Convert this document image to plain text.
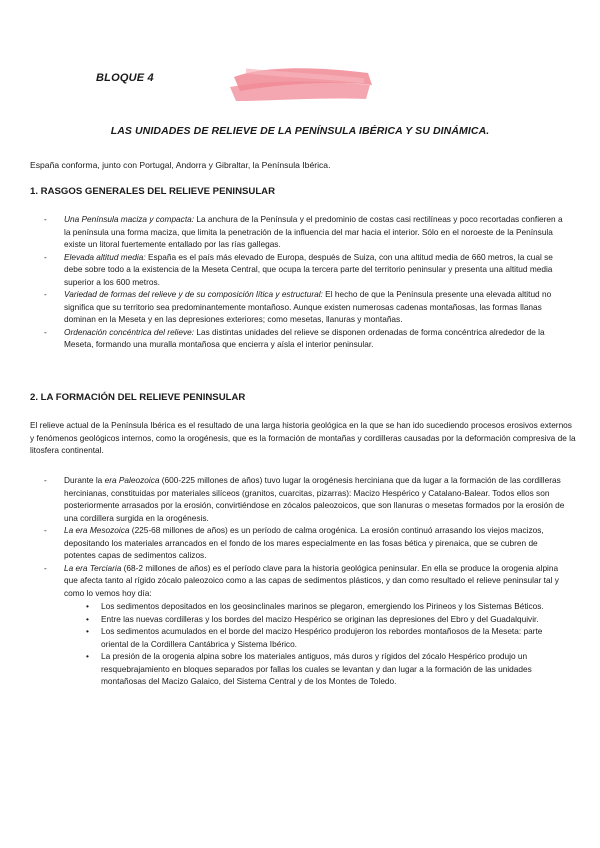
BLOQUE 4
LAS UNIDADES DE RELIEVE DE LA PENÍNSULA IBÉRICA Y SU DINÁMICA.
España conforma, junto con Portugal, Andorra y Gibraltar, la Península Ibérica.
1. RASGOS GENERALES DEL RELIEVE PENINSULAR
- Una Península maciza y compacta: La anchura de la Península y el predominio de costas casi rectilíneas y poco recortadas confieren a la península una forma maciza, que limita la penetración de la influencia del mar hacia el interior. Sólo en el noroeste de la Península existe un litoral fuertemente entallado por las rías gallegas.
- Elevada altitud media: España es el país más elevado de Europa, después de Suiza, con una altitud media de 660 metros, la cual se debe sobre todo a la existencia de la Meseta Central, que ocupa la tercera parte del territorio peninsular y presenta una altitud media superior a los 600 metros.
- Variedad de formas del relieve y de su composición lítica y estructural: El hecho de que la Península presente una elevada altitud no significa que su territorio sea predominantemente montañoso. Aunque existen numerosas cadenas montañosas, las formas llanas dominan en la Meseta y en las depresiones exteriores; como mesetas, llanuras y montañas.
- Ordenación concéntrica del relieve: Las distintas unidades del relieve se disponen ordenadas de forma concéntrica alrededor de la Meseta, formando una muralla montañosa que encierra y aísla el interior peninsular.
2. LA FORMACIÓN DEL RELIEVE PENINSULAR
El relieve actual de la Península Ibérica es el resultado de una larga historia geológica en la que se han ido sucediendo procesos erosivos externos y fenómenos geológicos internos, como la orogénesis, que es la formación de montañas y cordilleras causadas por la deformación compresiva de la litosfera continental.
- Durante la era Paleozoica (600-225 millones de años) tuvo lugar la orogénesis herciniana que da lugar a la formación de las cordilleras hercinianas, constituidas por materiales silíceos (granitos, cuarcitas, pizarras): Macizo Hespérico y Catalano-Balear. Todos ellos son posteriormente arrasados por la erosión, convirtiéndose en zócalos paleozoicos, que son llanuras o mesetas formados por la erosión de una cordillera surgida en la orogénesis.
- La era Mesozoica (225-68 millones de años) es un período de calma orogénica. La erosión continuó arrasando los viejos macizos, depositando los materiales arrancados en el fondo de los mares especialmente en las fosas bética y pirenaica, que se cubren de potentes capas de sedimentos calizos.
- La era Terciaria (68-2 millones de años) es el período clave para la historia geológica peninsular. En ella se produce la orogenia alpina que afecta tanto al rígido zócalo paleozoico como a las capas de sedimentos plásticos, y dan como resultado el relieve peninsular tal y como lo vemos hoy día:
• Los sedimentos depositados en los geosinclinales marinos se plegaron, emergiendo los Pirineos y los Sistemas Béticos.
• Entre las nuevas cordilleras y los bordes del macizo Hespérico se originan las depresiones del Ebro y del Guadalquivir.
• Los sedimentos acumulados en el borde del macizo Hespérico produjeron los rebordes montañosos de la Meseta: parte oriental de la Cordillera Cantábrica y Sistema Ibérico.
• La presión de la orogenia alpina sobre los materiales antiguos, más duros y rígidos del zócalo Hespérico produjo un resquebrajamiento en bloques separados por fallas los cuales se levantan y dan lugar a la formación de las unidades montañosas del Macizo Galaico, del Sistema Central y de los Montes de Toledo.
